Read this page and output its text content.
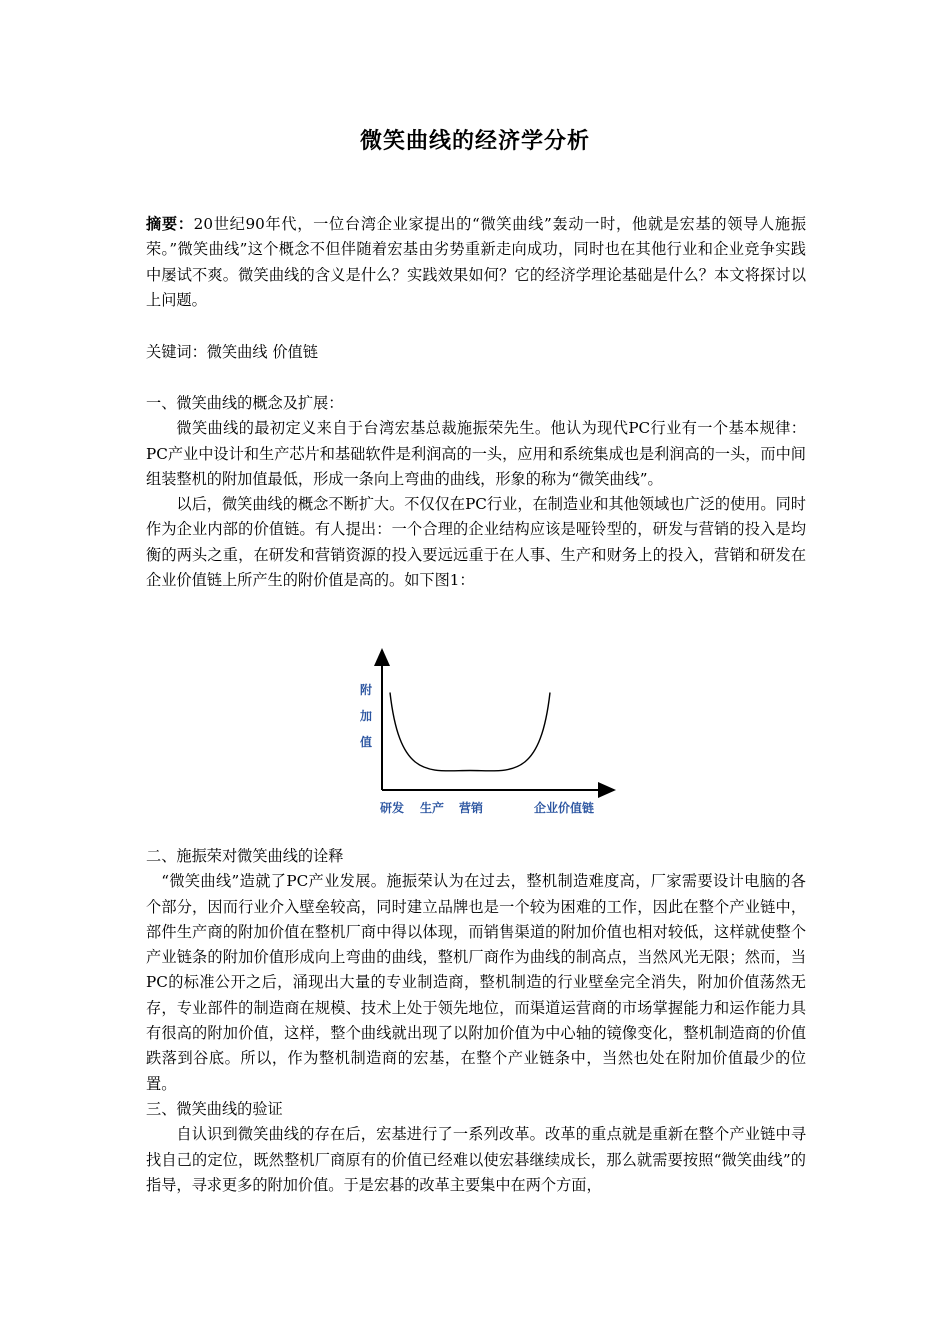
微笑曲线的经济学分析

摘要：20世纪90年代，一位台湾企业家提出的“微笑曲线”轰动一时，他就是宏基的领导人施振荣。”微笑曲线”这个概念不但伴随着宏基由劣势重新走向成功，同时也在其他行业和企业竞争实践中屡试不爽。微笑曲线的含义是什么？实践效果如何？它的经济学理论基础是什么？本文将探讨以上问题。

关键词：微笑曲线 价值链

一、微笑曲线的概念及扩展：

微笑曲线的最初定义来自于台湾宏基总裁施振荣先生。他认为现代PC行业有一个基本规律：PC产业中设计和生产芯片和基础软件是利润高的一头，应用和系统集成也是利润高的一头，而中间组装整机的附加值最低，形成一条向上弯曲的曲线，形象的称为“微笑曲线”。

以后，微笑曲线的概念不断扩大。不仅仅在PC行业，在制造业和其他领域也广泛的使用。同时作为企业内部的价值链。有人提出：一个合理的企业结构应该是哑铃型的，研发与营销的投入是均衡的两头之重，在研发和营销资源的投入要远远重于在人事、生产和财务上的投入，营销和研发在企业价值链上所产生的附价值是高的。如下图1：

附
加
值
研发 生产 营销	企业价值链

二、施振荣对微笑曲线的诠释

“微笑曲线”造就了PC产业发展。施振荣认为在过去，整机制造难度高，厂家需要设计电脑的各个部分，因而行业介入壁垒较高，同时建立品牌也是一个较为困难的工作，因此在整个产业链中，部件生产商的附加价值在整机厂商中得以体现，而销售渠道的附加价值也相对较低，这样就使整个产业链条的附加价值形成向上弯曲的曲线，整机厂商作为曲线的制高点，当然风光无限；然而，当PC的标准公开之后，涌现出大量的专业制造商，整机制造的行业壁垒完全消失，附加价值荡然无存，专业部件的制造商在规模、技术上处于领先地位，而渠道运营商的市场掌握能力和运作能力具有很高的附加价值，这样，整个曲线就出现了以附加价值为中心轴的镜像变化，整机制造商的价值跌落到谷底。所以，作为整机制造商的宏基，在整个产业链条中，当然也处在附加价值最少的位置。

三、微笑曲线的验证

自认识到微笑曲线的存在后，宏基进行了一系列改革。改革的重点就是重新在整个产业链中寻找自己的定位，既然整机厂商原有的价值已经难以使宏碁继续成长，那么就需要按照“微笑曲线”的指导，寻求更多的附加价值。于是宏碁的改革主要集中在两个方面，
